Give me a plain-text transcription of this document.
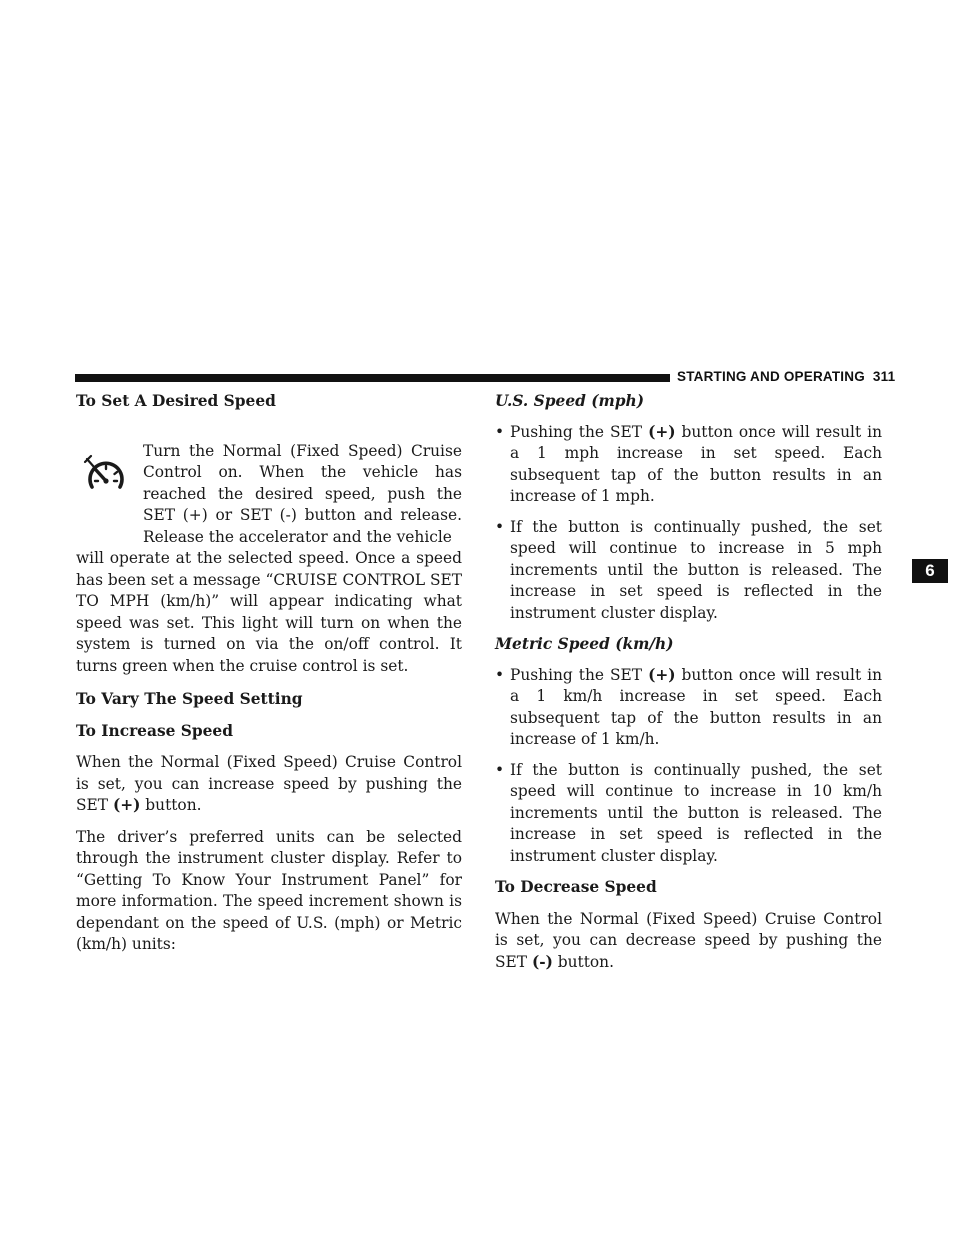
STARTING AND OPERATING 311
6
To Set A Desired Speed

Turn the Normal (Fixed Speed) Cruise Control on. When the vehicle has reached the desired speed, push the SET (+) or SET (-) button and release. Release the accelerator and the vehicle

will operate at the selected speed. Once a speed has been set a message “CRUISE CONTROL SET TO MPH (km/h)” will appear indicating what speed was set. This light will turn on when the system is turned on via the on/off control. It turns green when the cruise control is set.

To Vary The Speed Setting
To Increase Speed

When the Normal (Fixed Speed) Cruise Control is set, you can increase speed by pushing the SET (+) button.

The driver’s preferred units can be selected through the instrument cluster display. Refer to “Getting To Know Your Instrument Panel” for more information. The speed increment shown is dependant on the speed of U.S. (mph) or Metric (km/h) units:

U.S. Speed (mph)
• Pushing the SET (+) button once will result in a 1 mph increase in set speed. Each subsequent tap of the button results in an increase of 1 mph.
• If the button is continually pushed, the set speed will continue to increase in 5 mph increments until the button is released. The increase in set speed is reflected in the instrument cluster display.
Metric Speed (km/h)
• Pushing the SET (+) button once will result in a 1 km/h increase in set speed. Each subsequent tap of the button results in an increase of 1 km/h.
• If the button is continually pushed, the set speed will continue to increase in 10 km/h increments until the button is released. The increase in set speed is reflected in the instrument cluster display.
To Decrease Speed

When the Normal (Fixed Speed) Cruise Control is set, you can decrease speed by pushing the SET (-) button.
